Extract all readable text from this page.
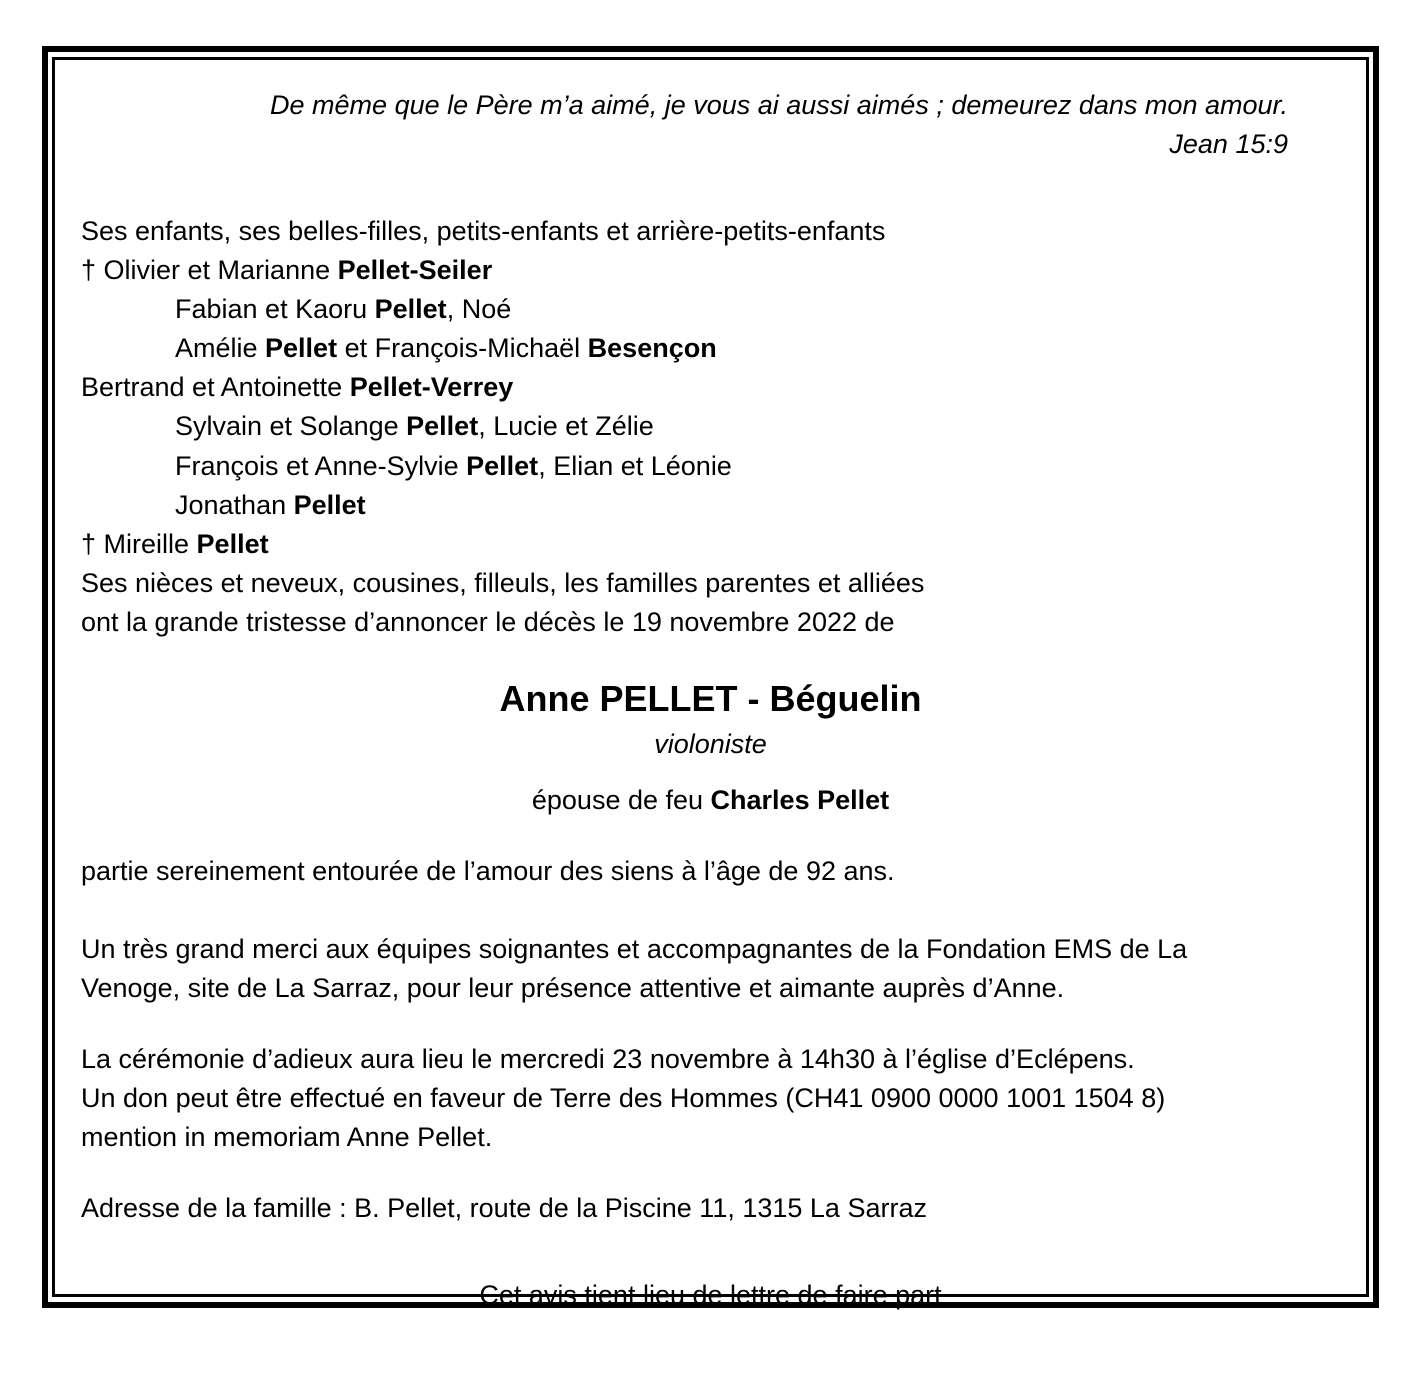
De même que le Père m’a aimé, je vous ai aussi aimés ; demeurez dans mon amour.
Jean 15:9
Ses enfants, ses belles-filles, petits-enfants et arrière-petits-enfants
† Olivier et Marianne Pellet-Seiler
Fabian et Kaoru Pellet, Noé
Amélie Pellet et François-Michaël Besençon
Bertrand et Antoinette Pellet-Verrey
Sylvain et Solange Pellet, Lucie et Zélie
François et Anne-Sylvie Pellet, Elian et Léonie
Jonathan Pellet
† Mireille Pellet
Ses nièces et neveux, cousines, filleuls, les familles parentes et alliées
ont la grande tristesse d’annoncer le décès le 19 novembre 2022 de
Anne PELLET - Béguelin
violoniste
épouse de feu Charles Pellet
partie sereinement entourée de l’amour des siens à l’âge de 92 ans.
Un très grand merci aux équipes soignantes et accompagnantes de la Fondation EMS de La
Venoge, site de La Sarraz, pour leur présence attentive et aimante auprès d’Anne.
La cérémonie d’adieux aura lieu le mercredi 23 novembre à 14h30 à l’église d’Eclépens.
Un don peut être effectué en faveur de Terre des Hommes (CH41 0900 0000 1001 1504 8)
mention in memoriam Anne Pellet.
Adresse de la famille : B. Pellet, route de la Piscine 11, 1315 La Sarraz
Cet avis tient lieu de lettre de faire part
